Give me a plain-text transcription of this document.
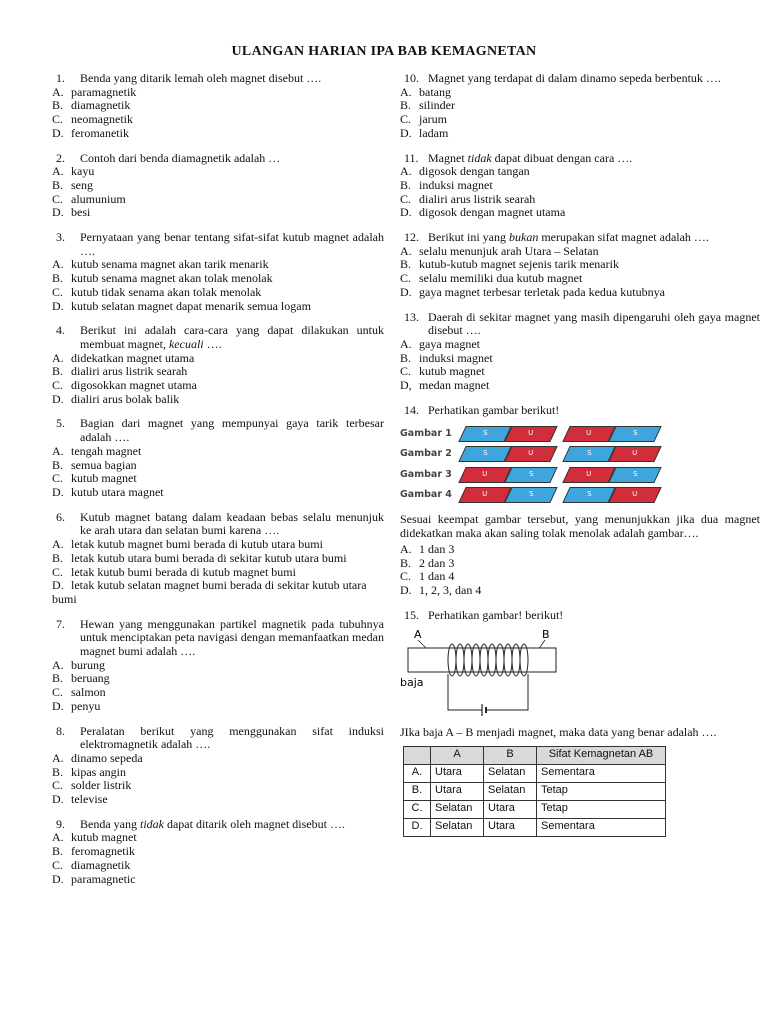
ULANGAN HARIAN IPA BAB KEMAGNETAN
1. Benda yang ditarik lemah oleh magnet disebut ….
A. paramagnetik
B. diamagnetik
C. neomagnetik
D. feromanetik
2. Contoh dari benda diamagnetik adalah …
A. kayu
B. seng
C. alumunium
D. besi
3. Pernyataan yang benar tentang sifat-sifat kutub magnet adalah ….
A. kutub senama magnet akan tarik menarik
B. kutub senama magnet akan tolak menolak
C. kutub tidak senama akan tolak menolak
D. kutub selatan magnet dapat menarik semua logam
4. Berikut ini adalah cara-cara yang dapat dilakukan untuk membuat magnet, kecuali ….
A. didekatkan magnet utama
B. dialiri arus listrik searah
C. digosokkan magnet utama
D. dialiri arus bolak balik
5. Bagian dari magnet yang mempunyai gaya tarik terbesar adalah ….
A. tengah magnet
B. semua bagian
C. kutub magnet
D. kutub utara magnet
6. Kutub magnet batang dalam keadaan bebas selalu menunjuk ke arah utara dan selatan bumi karena ….
A. letak kutub magnet bumi berada di kutub utara bumi
B. letak kutub utara bumi berada di sekitar kutub utara bumi
C. letak kutub bumi berada di kutub magnet bumi
D. letak kutub selatan magnet bumi berada di sekitar kutub utara bumi
7. Hewan yang menggunakan partikel magnetik pada tubuhnya untuk menciptakan peta navigasi dengan memanfaatkan medan magnet bumi adalah ….
A. burung
B. beruang
C. salmon
D. penyu
8. Peralatan berikut yang menggunakan sifat induksi elektromagnetik adalah ….
A. dinamo sepeda
B. kipas angin
C. solder listrik
D. televise
9. Benda yang tidak dapat ditarik oleh magnet disebut ….
A. kutub magnet
B. feromagnetik
C. diamagnetik
D. paramagnetic
10. Magnet yang terdapat di dalam dinamo sepeda berbentuk ….
A. batang
B. silinder
C. jarum
D. ladam
11. Magnet tidak dapat dibuat dengan cara ….
A. digosok dengan tangan
B. induksi magnet
C. dialiri arus listrik searah
D. digosok dengan magnet utama
12. Berikut ini yang bukan merupakan sifat magnet adalah ….
A. selalu menunjuk arah Utara – Selatan
B. kutub-kutub magnet sejenis tarik menarik
C. selalu memiliki dua kutub magnet
D. gaya magnet terbesar terletak pada kedua kutubnya
13. Daerah di sekitar magnet yang masih dipengaruhi oleh gaya magnet disebut ….
A. gaya magnet
B. induksi magnet
C. kutub magnet
D, medan magnet
14. Perhatikan gambar berikut!
Gambar 1	S	U	U	S
Gambar 2	S	U	S	U
Gambar 3	U	S	U	S
Gambar 4	U	S	S	U
Sesuai keempat gambar tersebut, yang menunjukkan jika dua magnet didekatkan maka akan saling tolak menolak adalah gambar….
A. 1 dan 3
B. 2 dan 3
C. 1 dan 4
D. 1, 2, 3, dan 4
15. Perhatikan gambar! berikut!
A	B
baja
JIka baja A – B menjadi magnet, maka data yang benar adalah ….
	A	B	Sifat Kemagnetan AB
A.	Utara	Selatan	Sementara
B.	Utara	Selatan	Tetap
C.	Selatan	Utara	Tetap
D.	Selatan	Utara	Sementara
